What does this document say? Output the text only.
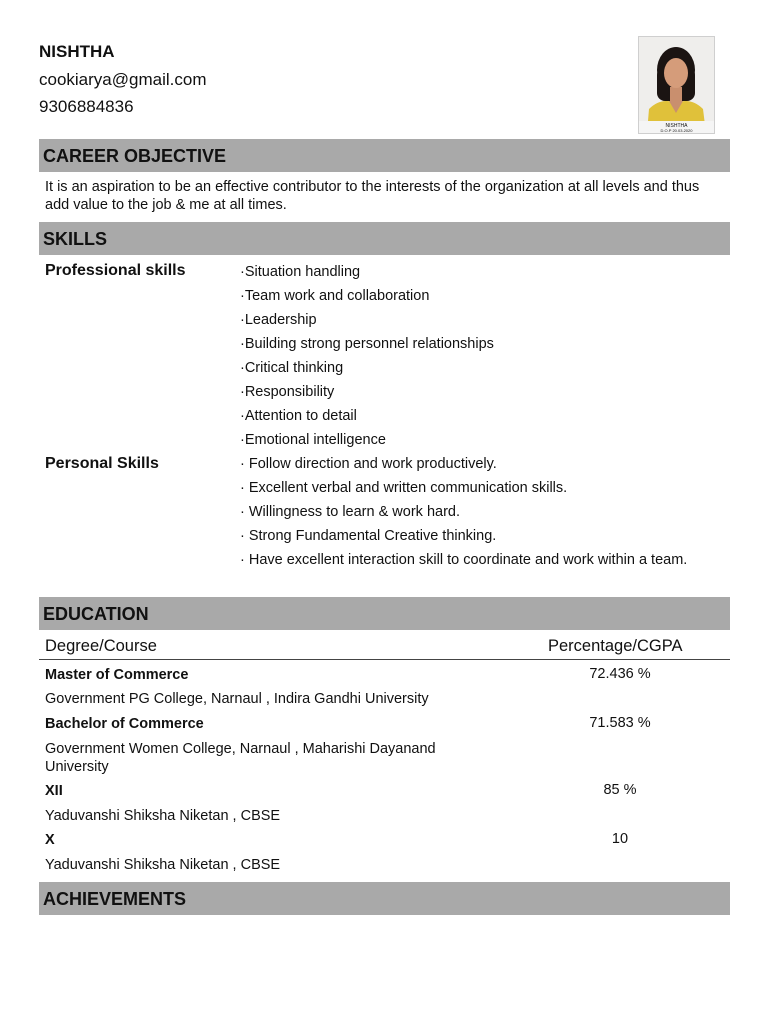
NISHTHA
cookiarya@gmail.com
9306884836
NISHTHA
D.O.P 20.03.2020
CAREER OBJECTIVE
It is an aspiration to be an effective contributor to the interests of the organization at all levels and thus add value to the job & me at all times.
SKILLS
Professional skills	·Situation handling
·Team work and collaboration
·Leadership
·Building strong personnel relationships
·Critical thinking
·Responsibility
·Attention to detail
·Emotional intelligence
Personal Skills	· Follow direction and work productively.
· Excellent verbal and written communication skills.
· Willingness to learn & work hard.
· Strong Fundamental Creative thinking.
· Have excellent interaction skill to coordinate and work within a team.
EDUCATION
Degree/Course	Percentage/CGPA
Master of Commerce	72.436 %
Government PG College, Narnaul , Indira Gandhi University
Bachelor of Commerce	71.583 %
Government Women College, Narnaul , Maharishi Dayanand University
XII	85 %
Yaduvanshi Shiksha Niketan , CBSE
X	10
Yaduvanshi Shiksha Niketan , CBSE
ACHIEVEMENTS
